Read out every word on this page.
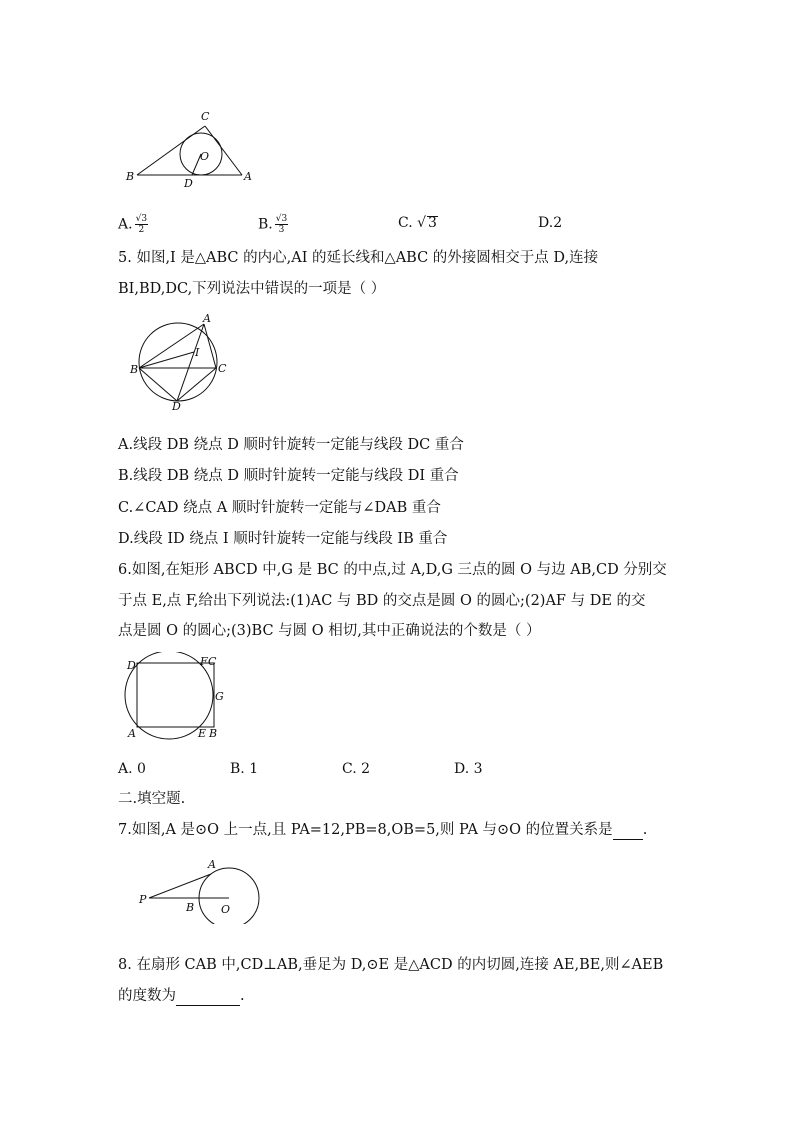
C
O
B
D
A
A. $\frac{√3}{2}$	B. $\frac{√3}{3}$	C. √ 3	D.2
5. 如图,I 是△ABC 的内心,AI 的延长线和△ABC 的外接圆相交于点 D,连接
BI,BD,DC,下列说法中错误的一项是（ ）
A
I
B	C
D
A.线段 DB 绕点 D 顺时针旋转一定能与线段 DC 重合
B.线段 DB 绕点 D 顺时针旋转一定能与线段 DI 重合
C.∠CAD 绕点 A 顺时针旋转一定能与∠DAB 重合
D.线段 ID 绕点 I 顺时针旋转一定能与线段 IB 重合
6.如图,在矩形 ABCD 中,G 是 BC 的中点,过 A,D,G 三点的圆 O 与边 AB,CD 分别交
于点 E,点 F,给出下列说法:(1)AC 与 BD 的交点是圆 O 的圆心;(2)AF 与 DE 的交
点是圆 O 的圆心;(3)BC 与圆 O 相切,其中正确说法的个数是（ ）
D	F C
G
A	E B
A. 0	B. 1	C. 2	D. 3
二.填空题.
7.如图,A 是⊙O 上一点,且 PA=12,PB=8,OB=5,则 PA 与⊙O 的位置关系是 .
A
P
B O
8. 在扇形 CAB 中,CD⊥AB,垂足为 D,⊙E 是△ACD 的内切圆,连接 AE,BE,则∠AEB
的度数为	.
